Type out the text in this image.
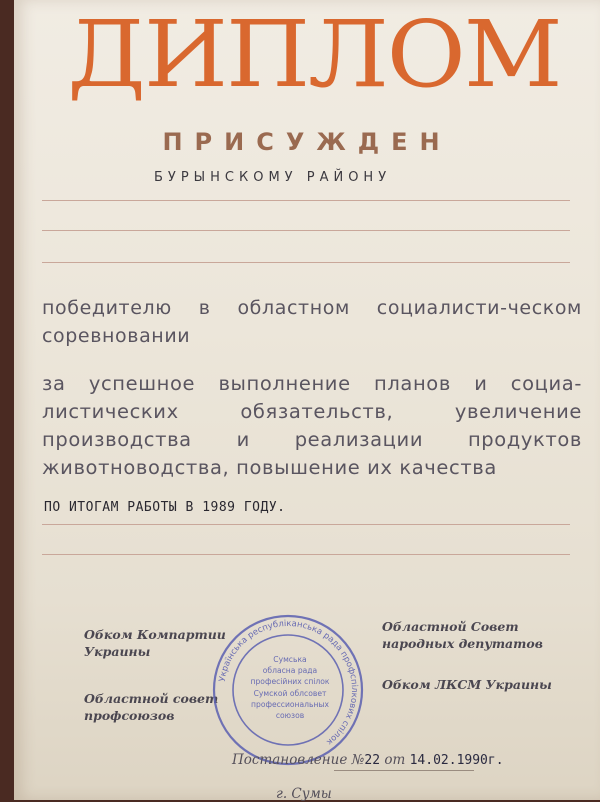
ДИПЛОМ
ПРИСУЖДЕН
БУРЫНСКОМУ РАЙОНУ
победителю в областном социалисти-ческом соревновании
за успешное выполнение планов и социа-листических обязательств, увеличение производства и реализации продуктов животноводства, повышение их качества
ПО ИТОГАМ РАБОТЫ В 1989 ГОДУ.
Обком Компартии
Украины
Областной совет
профсоюзов
Областной Совет
народных депутатов
Обком ЛКСМ Украины
Українська республіканська рада профспілкових спілок
Сумська
обласна рада
професійних спілок
Сумской облсовет
профессиональных
союзов
Постановление №22 от 14.02.1990г.
г. Сумы
